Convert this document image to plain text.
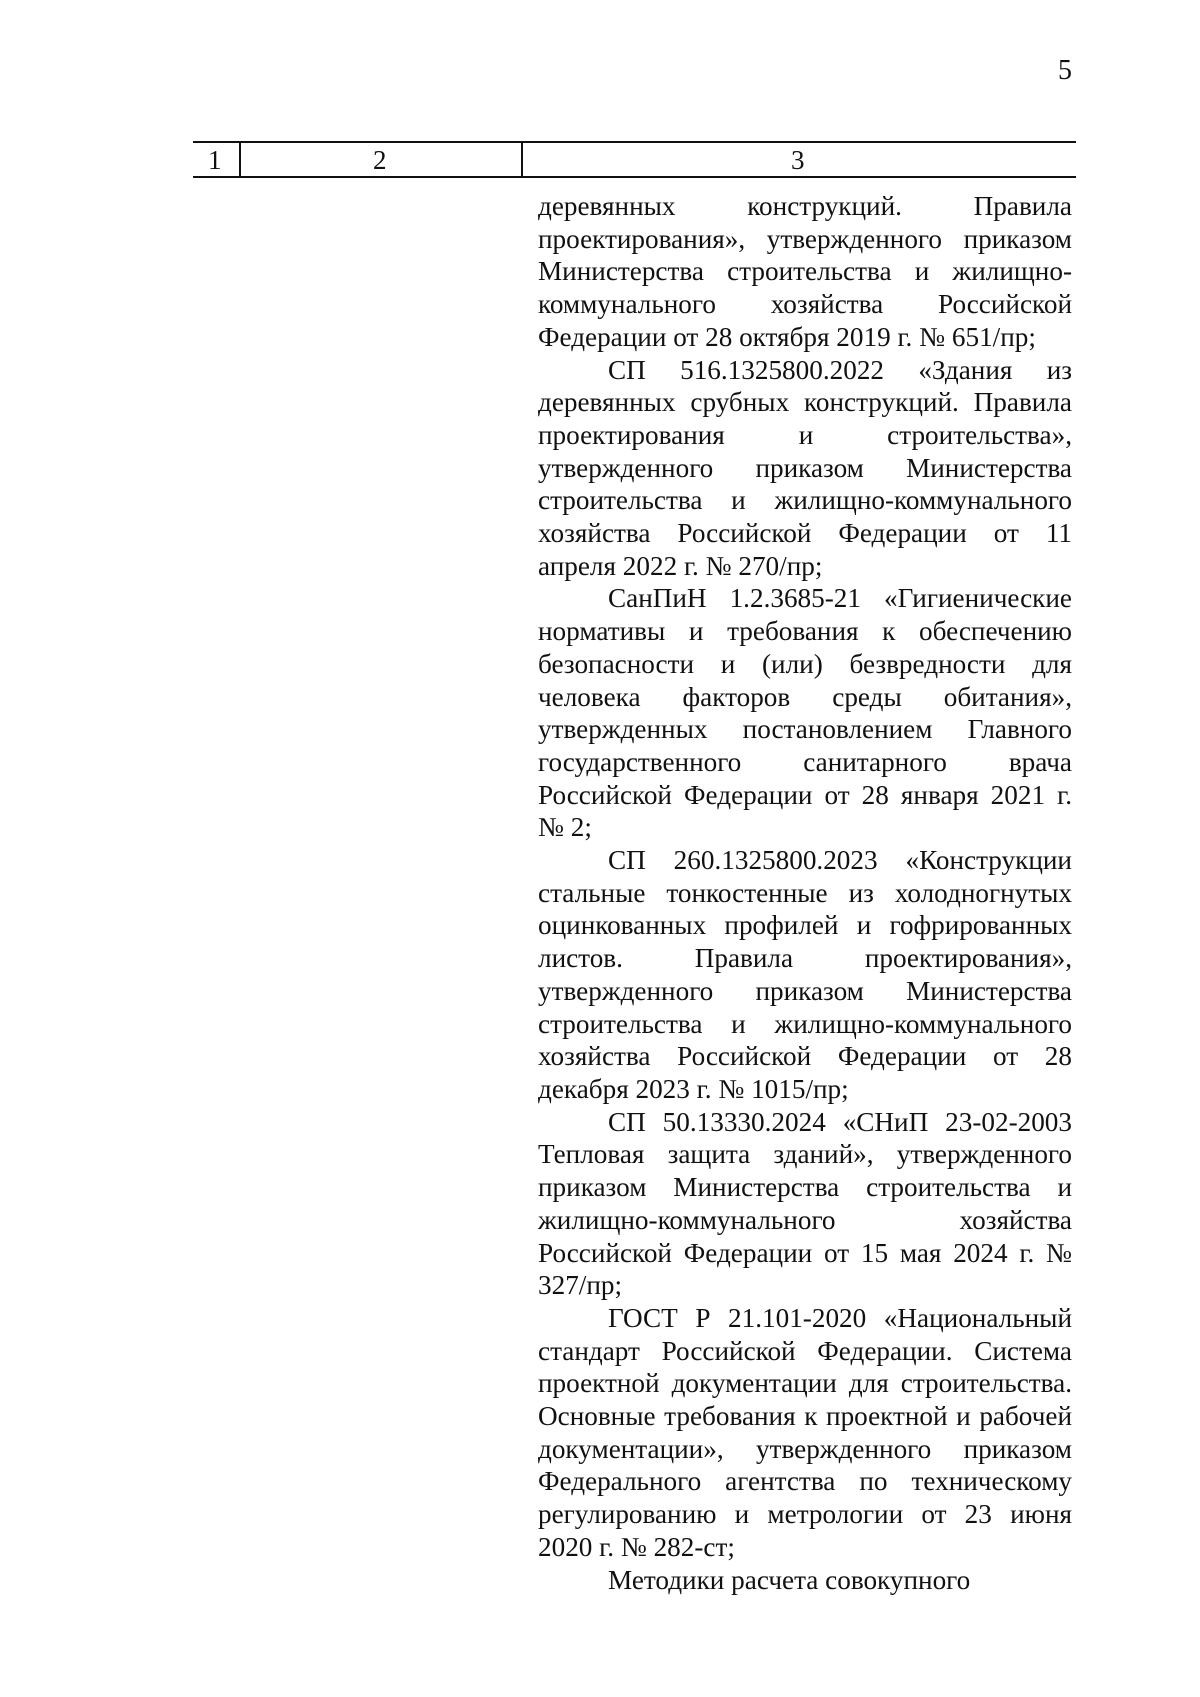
5
1	2	3

деревянных конструкций. Правила проектирования», утвержденного приказом Министерства строительства и жилищно-коммунального хозяйства Российской Федерации от 28 октября 2019 г. № 651/пр;

СП 516.1325800.2022 «Здания из деревянных срубных конструкций. Правила проектирования и строительства», утвержденного приказом Министерства строительства и жилищно-коммунального хозяйства Российской Федерации от 11 апреля 2022 г. № 270/пр;

СанПиН 1.2.3685-21 «Гигиенические нормативы и требования к обеспечению безопасности и (или) безвредности для человека факторов среды обитания», утвержденных постановлением Главного государственного санитарного врача Российской Федерации от 28 января 2021 г. № 2;

СП 260.1325800.2023 «Конструкции стальные тонкостенные из холодногнутых оцинкованных профилей и гофрированных листов. Правила проектирования», утвержденного приказом Министерства строительства и жилищно-коммунального хозяйства Российской Федерации от 28 декабря 2023 г. № 1015/пр;

СП 50.13330.2024 «СНиП 23-02-2003 Тепловая защита зданий», утвержденного приказом Министерства строительства и жилищно-коммунального хозяйства Российской Федерации от 15 мая 2024 г. № 327/пр;

ГОСТ Р 21.101-2020 «Национальный стандарт Российской Федерации. Система проектной документации для строительства. Основные требования к проектной и рабочей документации», утвержденного приказом Федерального агентства по техническому регулированию и метрологии от 23 июня 2020 г. № 282-ст;

Методики расчета совокупного
